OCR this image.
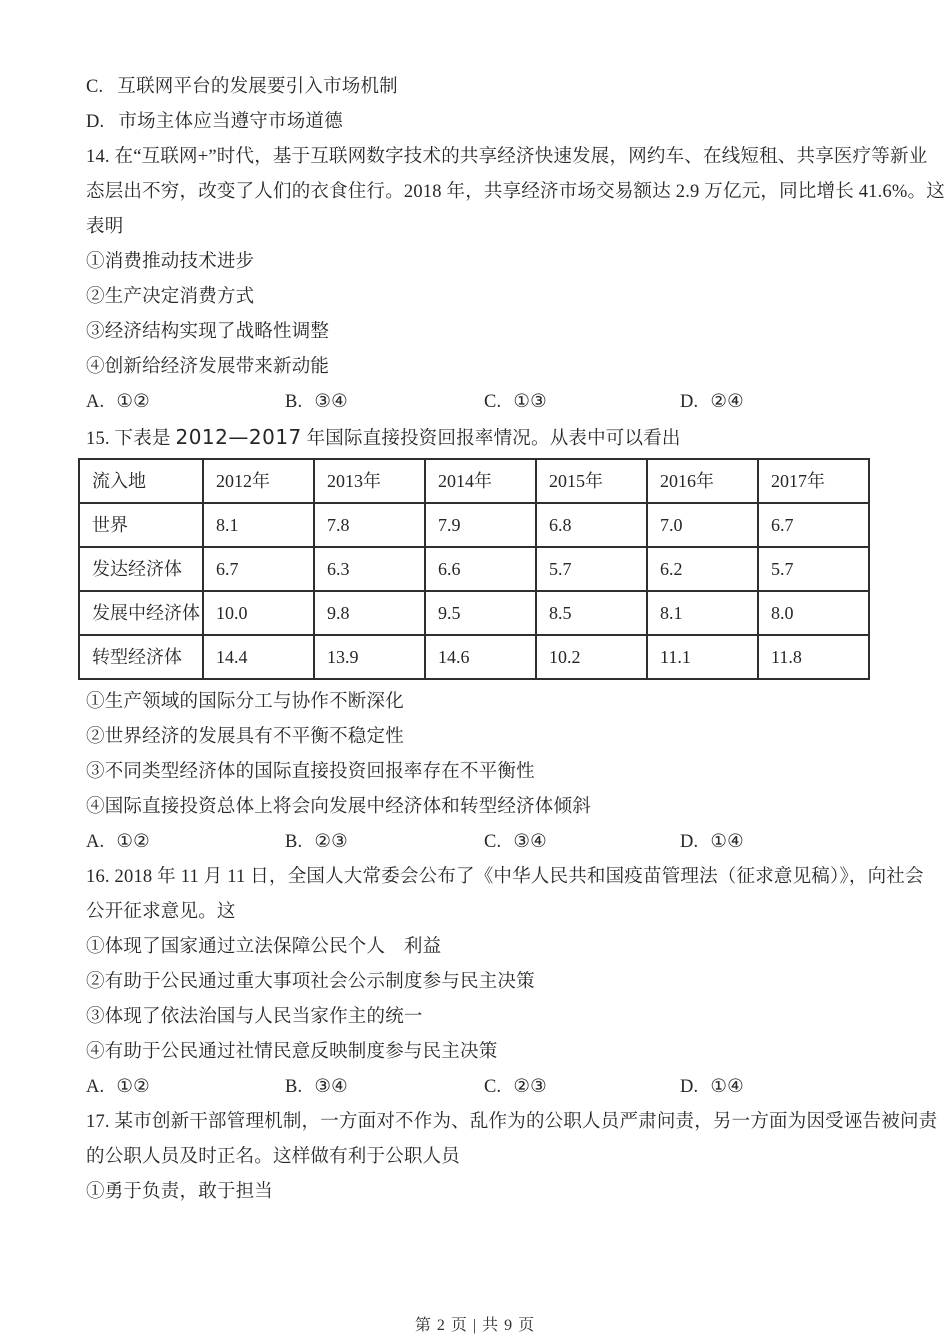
C. 互联网平台的发展要引入市场机制
D. 市场主体应当遵守市场道德
14. 在“互联网+”时代，基于互联网数字技术的共享经济快速发展，网约车、在线短租、共享医疗等新业
态层出不穷，改变了人们的衣食住行。2018 年，共享经济市场交易额达 2.9 万亿元，同比增长 41.6%。这
表明
①消费推动技术进步
②生产决定消费方式
③经济结构实现了战略性调整
④创新给经济发展带来新动能
A. ①②	B. ③④	C. ①③	D. ②④
15. 下表是 2012—2017 年国际直接投资回报率情况。从表中可以看出
流入地	2012年	2013年	2014年	2015年	2016年	2017年
世界	8.1	7.8	7.9	6.8	7.0	6.7
发达经济体	6.7	6.3	6.6	5.7	6.2	5.7
发展中经济体	10.0	9.8	9.5	8.5	8.1	8.0
转型经济体	14.4	13.9	14.6	10.2	11.1	11.8
①生产领域的国际分工与协作不断深化
②世界经济的发展具有不平衡不稳定性
③不同类型经济体的国际直接投资回报率存在不平衡性
④国际直接投资总体上将会向发展中经济体和转型经济体倾斜
A. ①②	B. ②③	C. ③④	D. ①④
16. 2018 年 11 月 11 日，全国人大常委会公布了《中华人民共和国疫苗管理法（征求意见稿）》，向社会
公开征求意见。这
①体现了国家通过立法保障公民个人　利益
②有助于公民通过重大事项社会公示制度参与民主决策
③体现了依法治国与人民当家作主的统一
④有助于公民通过社情民意反映制度参与民主决策
A. ①②	B. ③④	C. ②③	D. ①④
17. 某市创新干部管理机制，一方面对不作为、乱作为的公职人员严肃问责，另一方面为因受诬告被问责
的公职人员及时正名。这样做有利于公职人员
①勇于负责，敢于担当
第 2 页 | 共 9 页
